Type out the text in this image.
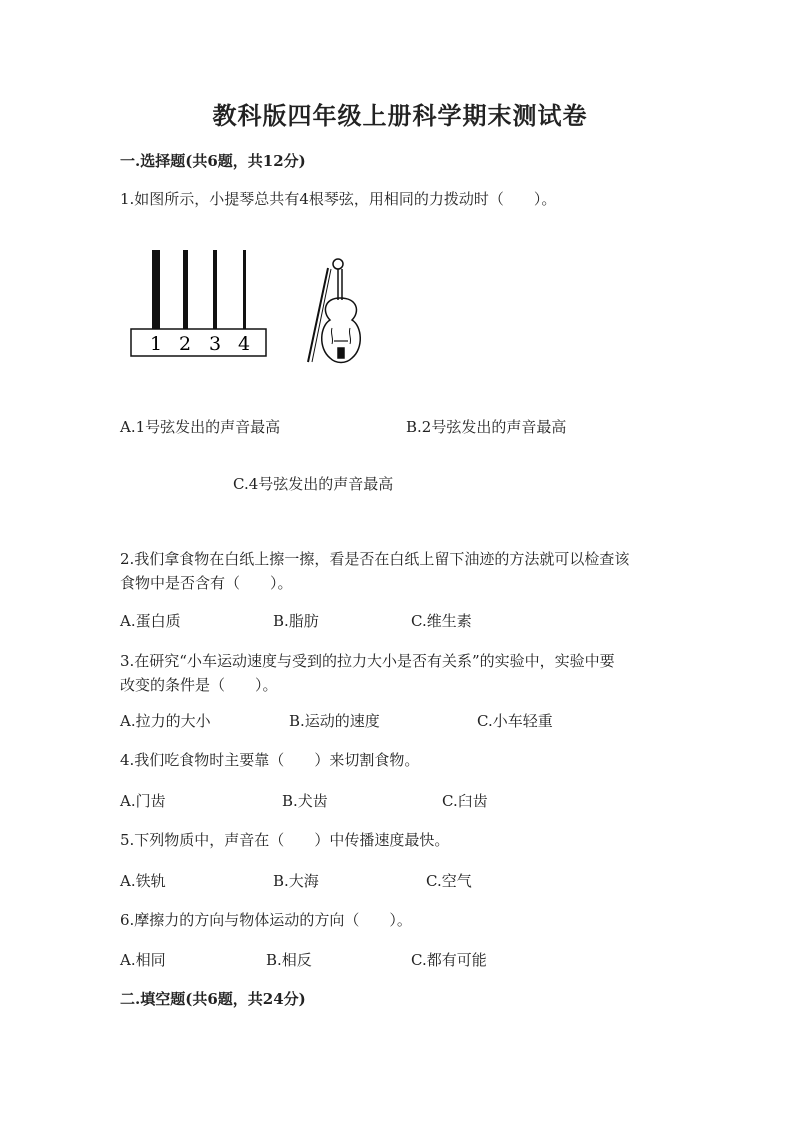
教科版四年级上册科学期末测试卷
一.选择题(共6题，共12分)
1.如图所示，小提琴总共有4根琴弦，用相同的力拨动时（　　）。
1 2 3 4
A.1号弦发出的声音最高	B.2号弦发出的声音最高
C.4号弦发出的声音最高
2.我们拿食物在白纸上擦一擦，看是否在白纸上留下油迹的方法就可以检查该
食物中是否含有（　　）。
A.蛋白质	B.脂肪	C.维生素
3.在研究“小车运动速度与受到的拉力大小是否有关系”的实验中，实验中要
改变的条件是（　　）。
A.拉力的大小	B.运动的速度	C.小车轻重
4.我们吃食物时主要靠（　　）来切割食物。
A.门齿	B.犬齿	C.臼齿
5.下列物质中，声音在（　　）中传播速度最快。
A.铁轨	B.大海	C.空气
6.摩擦力的方向与物体运动的方向（　　）。
A.相同	B.相反	C.都有可能
二.填空题(共6题，共24分)
